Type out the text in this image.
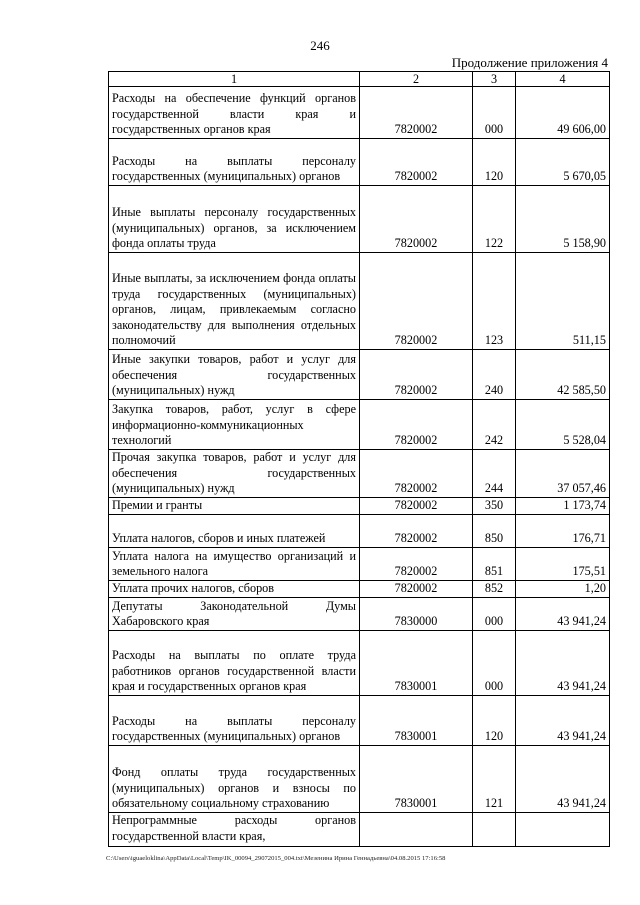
246
Продолжение приложения 4
1	2	3	4
Расходы на обеспечение функций органов государственной власти края и государственных органов края	7820002	000	49 606,00
Расходы на выплаты персоналу государственных (муниципальных) органов	7820002	120	5 670,05
Иные выплаты персоналу государственных (муниципальных) органов, за исключением фонда оплаты труда	7820002	122	5 158,90
Иные выплаты, за исключением фонда оплаты труда государственных (муниципальных) органов, лицам, привлекаемым согласно законодательству для выполнения отдельных полномочий	7820002	123	511,15
Иные закупки товаров, работ и услуг для обеспечения государственных (муниципальных) нужд	7820002	240	42 585,50
Закупка товаров, работ, услуг в сфере информационно-коммуникационных технологий	7820002	242	5 528,04
Прочая закупка товаров, работ и услуг для обеспечения государственных (муниципальных) нужд	7820002	244	37 057,46
Премии и гранты	7820002	350	1 173,74
Уплата налогов, сборов и иных платежей	7820002	850	176,71
Уплата налога на имущество организаций и земельного налога	7820002	851	175,51
Уплата прочих налогов, сборов	7820002	852	1,20
Депутаты Законодательной Думы Хабаровского края	7830000	000	43 941,24
Расходы на выплаты по оплате труда работников органов государственной власти края и государственных органов края	7830001	000	43 941,24
Расходы на выплаты персоналу государственных (муниципальных) органов	7830001	120	43 941,24
Фонд оплаты труда государственных (муниципальных) органов и взносы по обязательному социальному страхованию	7830001	121	43 941,24
Непрограммные расходы органов государственной власти края,			
C:\Users\iguaeloklina\AppData\Local\Temp\IK_00094_29072015_004.txt\Мезенина Ирина Геннадьевна\04.08.2015 17:16:58
